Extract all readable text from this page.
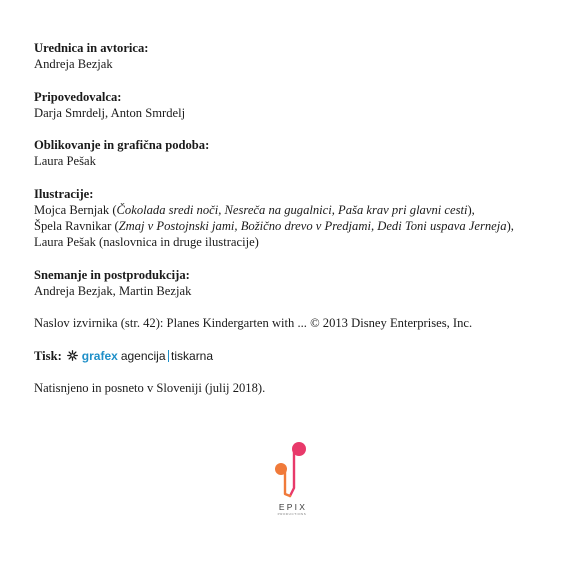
Urednica in avtorica:
Andreja Bezjak
Pripovedovalca:
Darja Smrdelj, Anton Smrdelj
Oblikovanje in grafična podoba:
Laura Pešak
Ilustracije:
Mojca Bernjak (Čokolada sredi noči, Nesreča na gugalnici, Paša krav pri glavni cesti),
Špela Ravnikar (Zmaj v Postojnski jami, Božično drevo v Predjami, Dedi Toni uspava Jerneja),
Laura Pešak (naslovnica in druge ilustracije)
Snemanje in postprodukcija:
Andreja Bezjak, Martin Bezjak
Naslov izvirnika (str. 42): Planes Kindergarten with ... © 2013 Disney Enterprises, Inc.
Tisk: grafex agencija tiskarna
Natisnjeno in posneto v Sloveniji (julij 2018).
EPIX
PRODUCTIONS
